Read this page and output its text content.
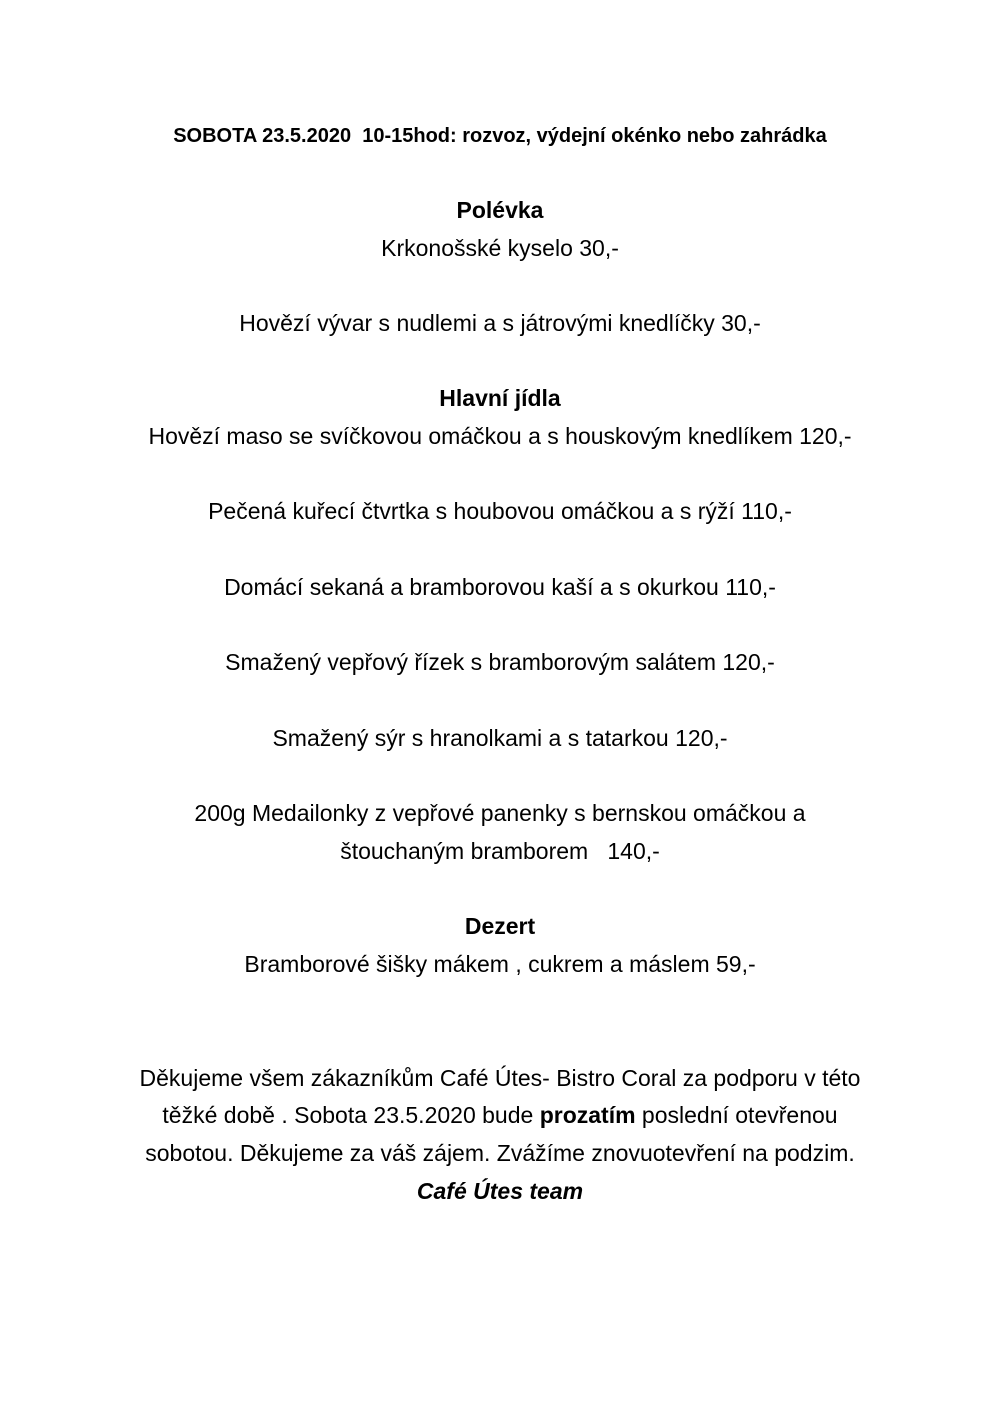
SOBOTA 23.5.2020  10-15hod: rozvoz, výdejní okénko nebo zahrádka
Polévka
Krkonošské kyselo 30,-
Hovězí vývar s nudlemi a s játrovými knedlíčky 30,-
Hlavní jídla
Hovězí maso se svíčkovou omáčkou a s houskovým knedlíkem 120,-
Pečená kuřecí čtvrtka s houbovou omáčkou a s rýží 110,-
Domácí sekaná a bramborovou kaší a s okurkou 110,-
Smažený vepřový řízek s bramborovým salátem 120,-
Smažený sýr s hranolkami a s tatarkou 120,-
200g Medailonky z vepřové panenky s bernskou omáčkou a
štouchaným bramborem   140,-
Dezert
Bramborové šišky mákem , cukrem a máslem 59,-
Děkujeme všem zákazníkům Café Útes- Bistro Coral za podporu v této
těžké době . Sobota 23.5.2020 bude prozatím poslední otevřenou
sobotou. Děkujeme za váš zájem. Zvážíme znovuotevření na podzim.
Café Útes team
